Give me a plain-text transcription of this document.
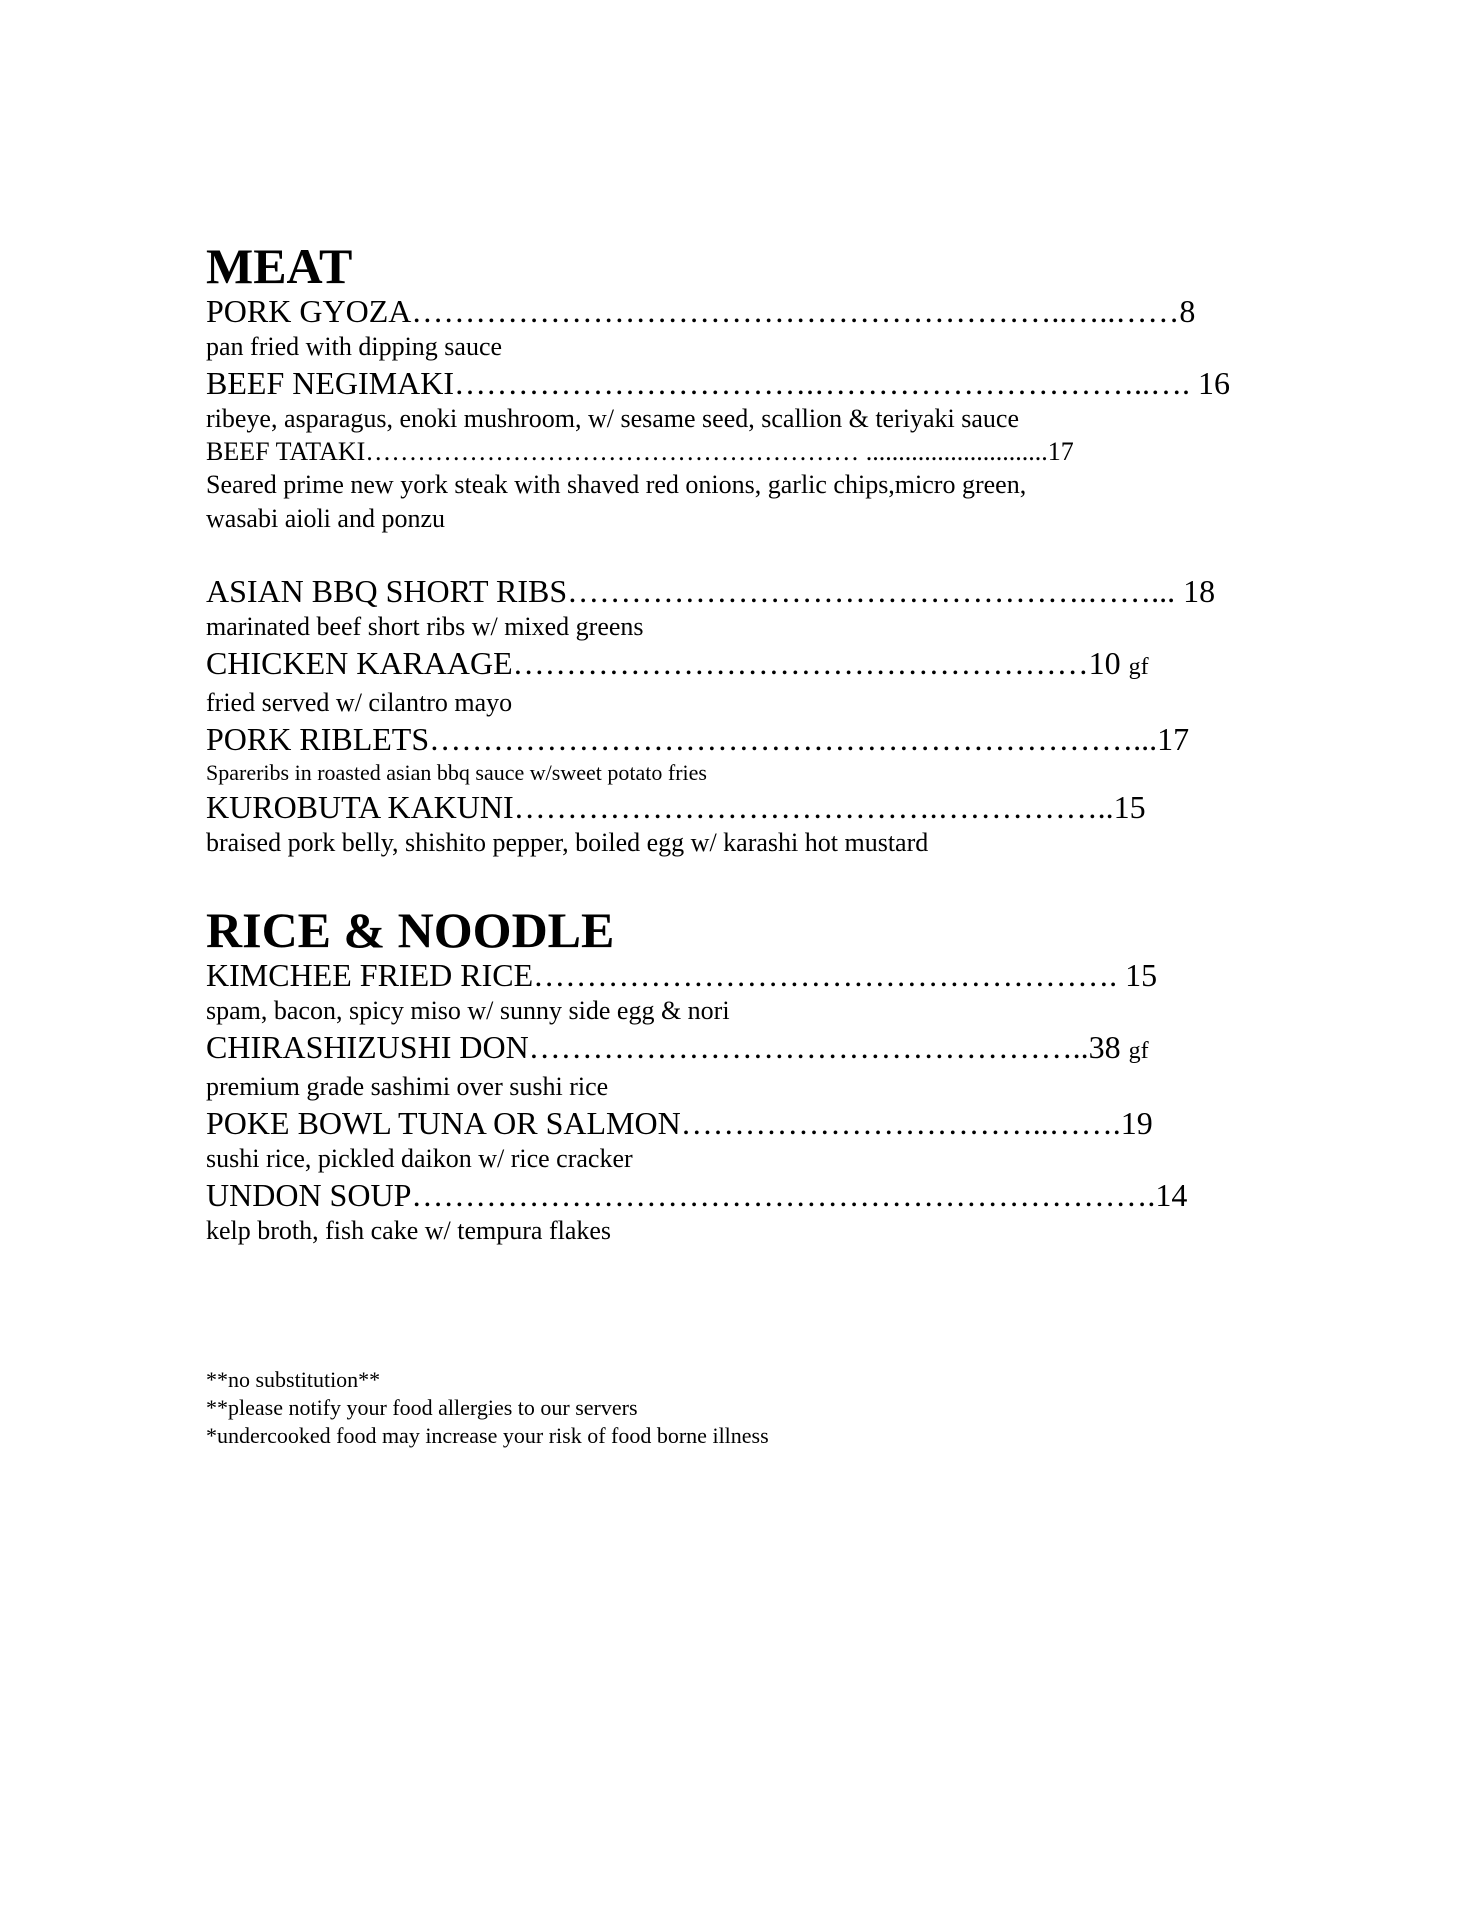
MEAT
PORK GYOZA……………………………………………………..…..……8
pan fried with dipping sauce
BEEF NEGIMAKI…………………………….…………………………..…. 16
ribeye, asparagus, enoki mushroom, w/ sesame seed, scallion & teriyaki sauce
BEEF TATAKI………………………………………………… ............................17
Seared prime new york steak with shaved red onions, garlic chips,micro green,
wasabi aioli and ponzu
ASIAN BBQ SHORT RIBS………………………………………….……... 18
marinated beef short ribs w/ mixed greens
CHICKEN KARAAGE………………………………………………10 gf
fried served w/ cilantro mayo
PORK RIBLETS…………………………………………………………...17
Spareribs in roasted asian bbq sauce w/sweet potato fries
KUROBUTA KAKUNI………………………………….……………..15
braised pork belly, shishito pepper, boiled egg w/ karashi hot mustard
RICE & NOODLE
KIMCHEE FRIED RICE………………………………………………. 15
spam, bacon, spicy miso w/ sunny side egg & nori
CHIRASHIZUSHI DON……………………………………………..38 gf
premium grade sashimi over sushi rice
POKE BOWL TUNA OR SALMON……………………………..…….19
sushi rice, pickled daikon w/ rice cracker
UNDON SOUP…………………………………………………………….14
kelp broth, fish cake w/ tempura flakes
**no substitution**
**please notify your food allergies to our servers
*undercooked food may increase your risk of food borne illness
